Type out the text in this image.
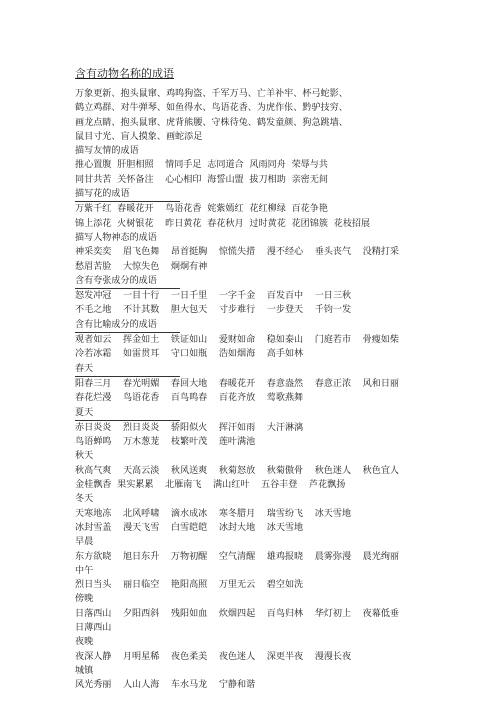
含有动物名称的成语
万象更新、抱头鼠窜、鸡鸣狗盗、千军万马、亡羊补牢、杯弓蛇影、
鹤立鸡群、对牛弹琴、如鱼得水、鸟语花香、为虎作伥、黔驴技穷、
画龙点睛、抱头鼠窜、虎背熊腰、守株待兔、鹤发童颜、狗急跳墙、
鼠目寸光、盲人摸象、画蛇添足
描写友情的成语
推心置腹  肝胆相照    情同手足  志同道合  风雨同舟  荣辱与共
同甘共苦  关怀备注    心心相印  海誓山盟  拔刀相助  亲密无间
描写花的成语
万紫千红  春暖花开    鸟语花香  姹紫嫣红  花红柳绿  百花争艳
锦上添花  火树银花    昨日黄花  春花秋月  过时黄花  花团锦簇  花枝招展
描写人物神态的成语
神采奕奕    眉飞色舞    昂首挺胸    惊慌失措    漫不经心    垂头丧气    没精打采
愁眉苦脸    大惊失色    炯炯有神
含有夸张成分的成语
怒发冲冠    一目十行    一日千里    一字千金    百发百中    一日三秋
不毛之地    不计其数    胆大包天    寸步难行    一步登天    千钧一发
含有比喻成分的成语
观者如云    挥金如土    铁证如山    爱财如命    稳如泰山    门庭若市    骨瘦如柴
冷若冰霜    如雷贯耳    守口如瓶    浩如烟海    高手如林
春天
阳春三月    春光明媚    春回大地    春暖花开    春意盎然    春意正浓    风和日丽
春花烂漫    鸟语花香    百鸟鸣春    百花齐放    莺歌燕舞
夏天
赤日炎炎    烈日炎炎    骄阳似火    挥汗如雨    大汗淋漓
鸟语蝉鸣    万木葱茏    枝繁叶茂    莲叶满池
秋天
秋高气爽    天高云淡    秋风送爽    秋菊怒放    秋菊傲骨    秋色迷人    秋色宜人
金桂飘香  果实累累    北雁南飞    满山红叶    五谷丰登    芦花飘扬
冬天
天寒地冻    北风呼啸    滴水成冰    寒冬腊月    瑞雪纷飞    冰天雪地
冰封雪盖    漫天飞雪    白雪皑皑    冰封大地    冰天雪地
早晨
东方欲晓    旭日东升    万物初醒    空气清醒    雄鸡报晓    晨雾弥漫    晨光绚丽
中午
烈日当头    丽日临空    艳阳高照    万里无云    碧空如洗
傍晚
日落西山    夕阳西斜    残阳如血    炊烟四起    百鸟归林    华灯初上    夜幕低垂
日薄西山
夜晚
夜深人静    月明星稀    夜色柔美    夜色迷人    深更半夜    漫漫长夜
城镇
风光秀丽    人山人海    车水马龙    宁静和谐
